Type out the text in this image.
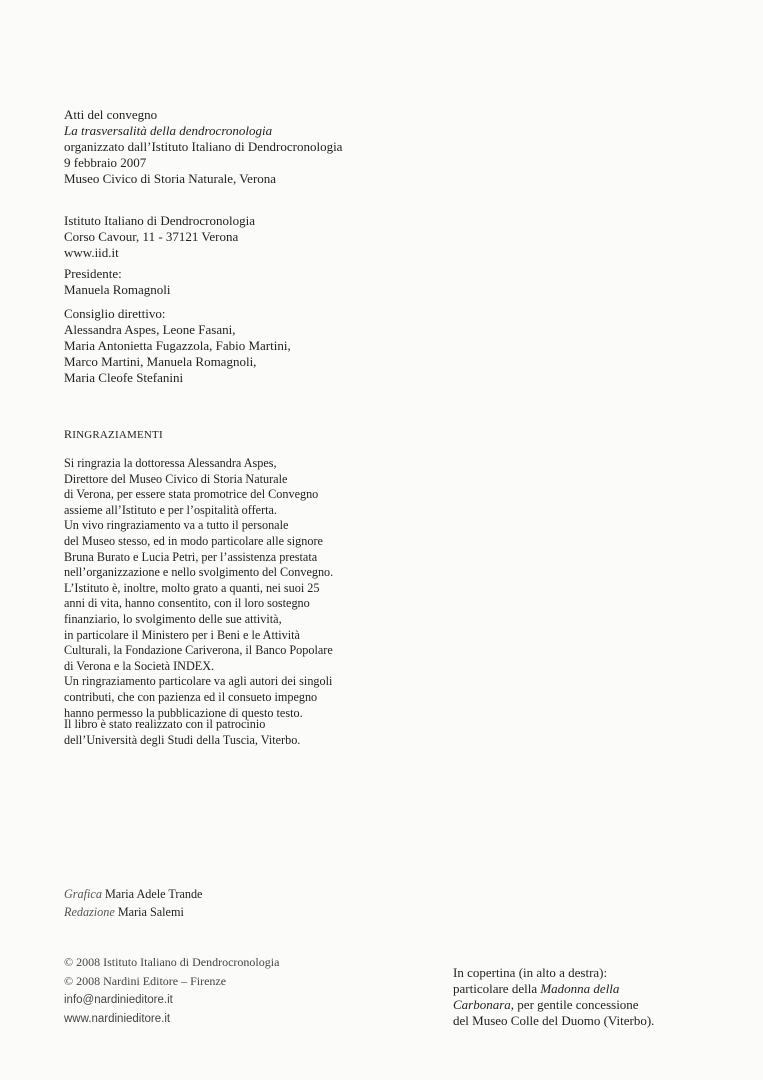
Atti del convegno
La trasversalità della dendrocronologia
organizzato dall’Istituto Italiano di Dendrocronologia
9 febbraio 2007
Museo Civico di Storia Naturale, Verona
Istituto Italiano di Dendrocronologia
Corso Cavour, 11 - 37121 Verona
www.iid.it
Presidente:
Manuela Romagnoli
Consiglio direttivo:
Alessandra Aspes, Leone Fasani,
Maria Antonietta Fugazzola, Fabio Martini,
Marco Martini, Manuela Romagnoli,
Maria Cleofe Stefanini
RINGRAZIAMENTI
Si ringrazia la dottoressa Alessandra Aspes,
Direttore del Museo Civico di Storia Naturale
di Verona, per essere stata promotrice del Convegno
assieme all’Istituto e per l’ospitalità offerta.
Un vivo ringraziamento va a tutto il personale
del Museo stesso, ed in modo particolare alle signore
Bruna Burato e Lucia Petri, per l’assistenza prestata
nell’organizzazione e nello svolgimento del Convegno.
L’Istituto è, inoltre, molto grato a quanti, nei suoi 25
anni di vita, hanno consentito, con il loro sostegno
finanziario, lo svolgimento delle sue attività,
in particolare il Ministero per i Beni e le Attività
Culturali, la Fondazione Cariverona, il Banco Popolare
di Verona e la Società INDEX.
Un ringraziamento particolare va agli autori dei singoli
contributi, che con pazienza ed il consueto impegno
hanno permesso la pubblicazione di questo testo.
Il libro è stato realizzato con il patrocinio
dell’Università degli Studi della Tuscia, Viterbo.
Grafica Maria Adele Trande
Redazione Maria Salemi
© 2008 Istituto Italiano di Dendrocronologia
© 2008 Nardini Editore – Firenze
info@nardinieditore.it
www.nardinieditore.it
In copertina (in alto a destra):
particolare della Madonna della
Carbonara, per gentile concessione
del Museo Colle del Duomo (Viterbo).
